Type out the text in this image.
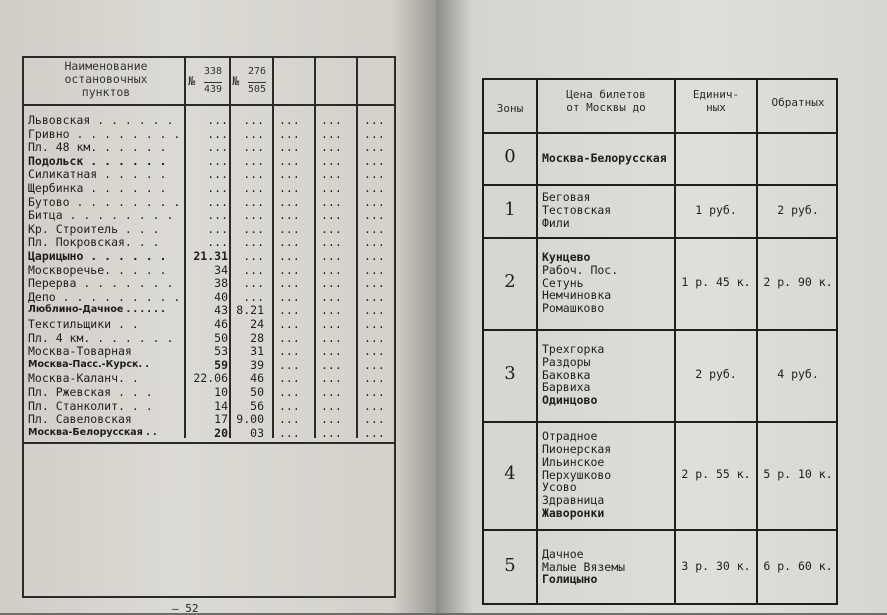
Наименование
остановочных
пунктов
№
338
439
№
276
505
Львовская . . . . . .	...	... ... ... ...
Гривно . . . . . . . .	...	... ... ... ...
Пл. 48 км. . . . . .	...	... ... ... ...
Подольск . . . . . .	...	... ... ... ...
Силикатная . . . . .	...	... ... ... ...
Щербинка . . . . . .	...	... ... ... ...
Бутово . . . . . . . .	...	... ... ... ...
Битца . . . . . . . .	...	... ... ... ...
Кр. Строитель . . .	...	... ... ... ...
Пл. Покровская. . .	...	... ... ... ...
Царицыно . . . . . .	21.31	... ... ... ...
Москворечье. . . . .	34	... ... ... ...
Перерва . . . . . . .	38	... ... ... ...
Депо . . . . . . . . .	40	... ... ... ...
Люблино-Дачное . . . . . .	43 8.21 ... ... ...
Текстильщики . .	46	24 ... ... ...
Пл. 4 км. . . . . . .	50	28 ... ... ...
Москва-Товарная	53	31 ... ... ...
Москва-Пасс.-Курск. .	59	39 ... ... ...
Москва-Каланч. .	22.06	46 ... ... ...
Пл. Ржевская . . .	10	50 ... ... ...
Пл. Станколит. . .	14	56 ... ... ...
Пл. Савеловская	17 9.00 ... ... ...
Москва-Белорусская . .	20	03 ... ... ...
— 52
Зоны
Цена билетов
от Москвы до
Единич-
ных	Обратных
0	Москва-Белорусская
1
Беговая
Тестовская
Фили
1 руб.	2 руб.
2
Кунцево
Рабоч. Пос.
Сетунь
Немчиновка
Ромашково
1 р. 45 к.	2 р. 90 к.
3
Трехгорка
Раздоры
Баковка
Барвиха
Одинцово
2 руб.	4 руб.
4
Отрадное
Пионерская
Ильинское
Перхушково
Усово
Здравница
Жаворонки
2 р. 55 к.	5 р. 10 к.
5
Дачное
Малые Вяземы
Голицыно
3 р. 30 к.	6 р. 60 к.
